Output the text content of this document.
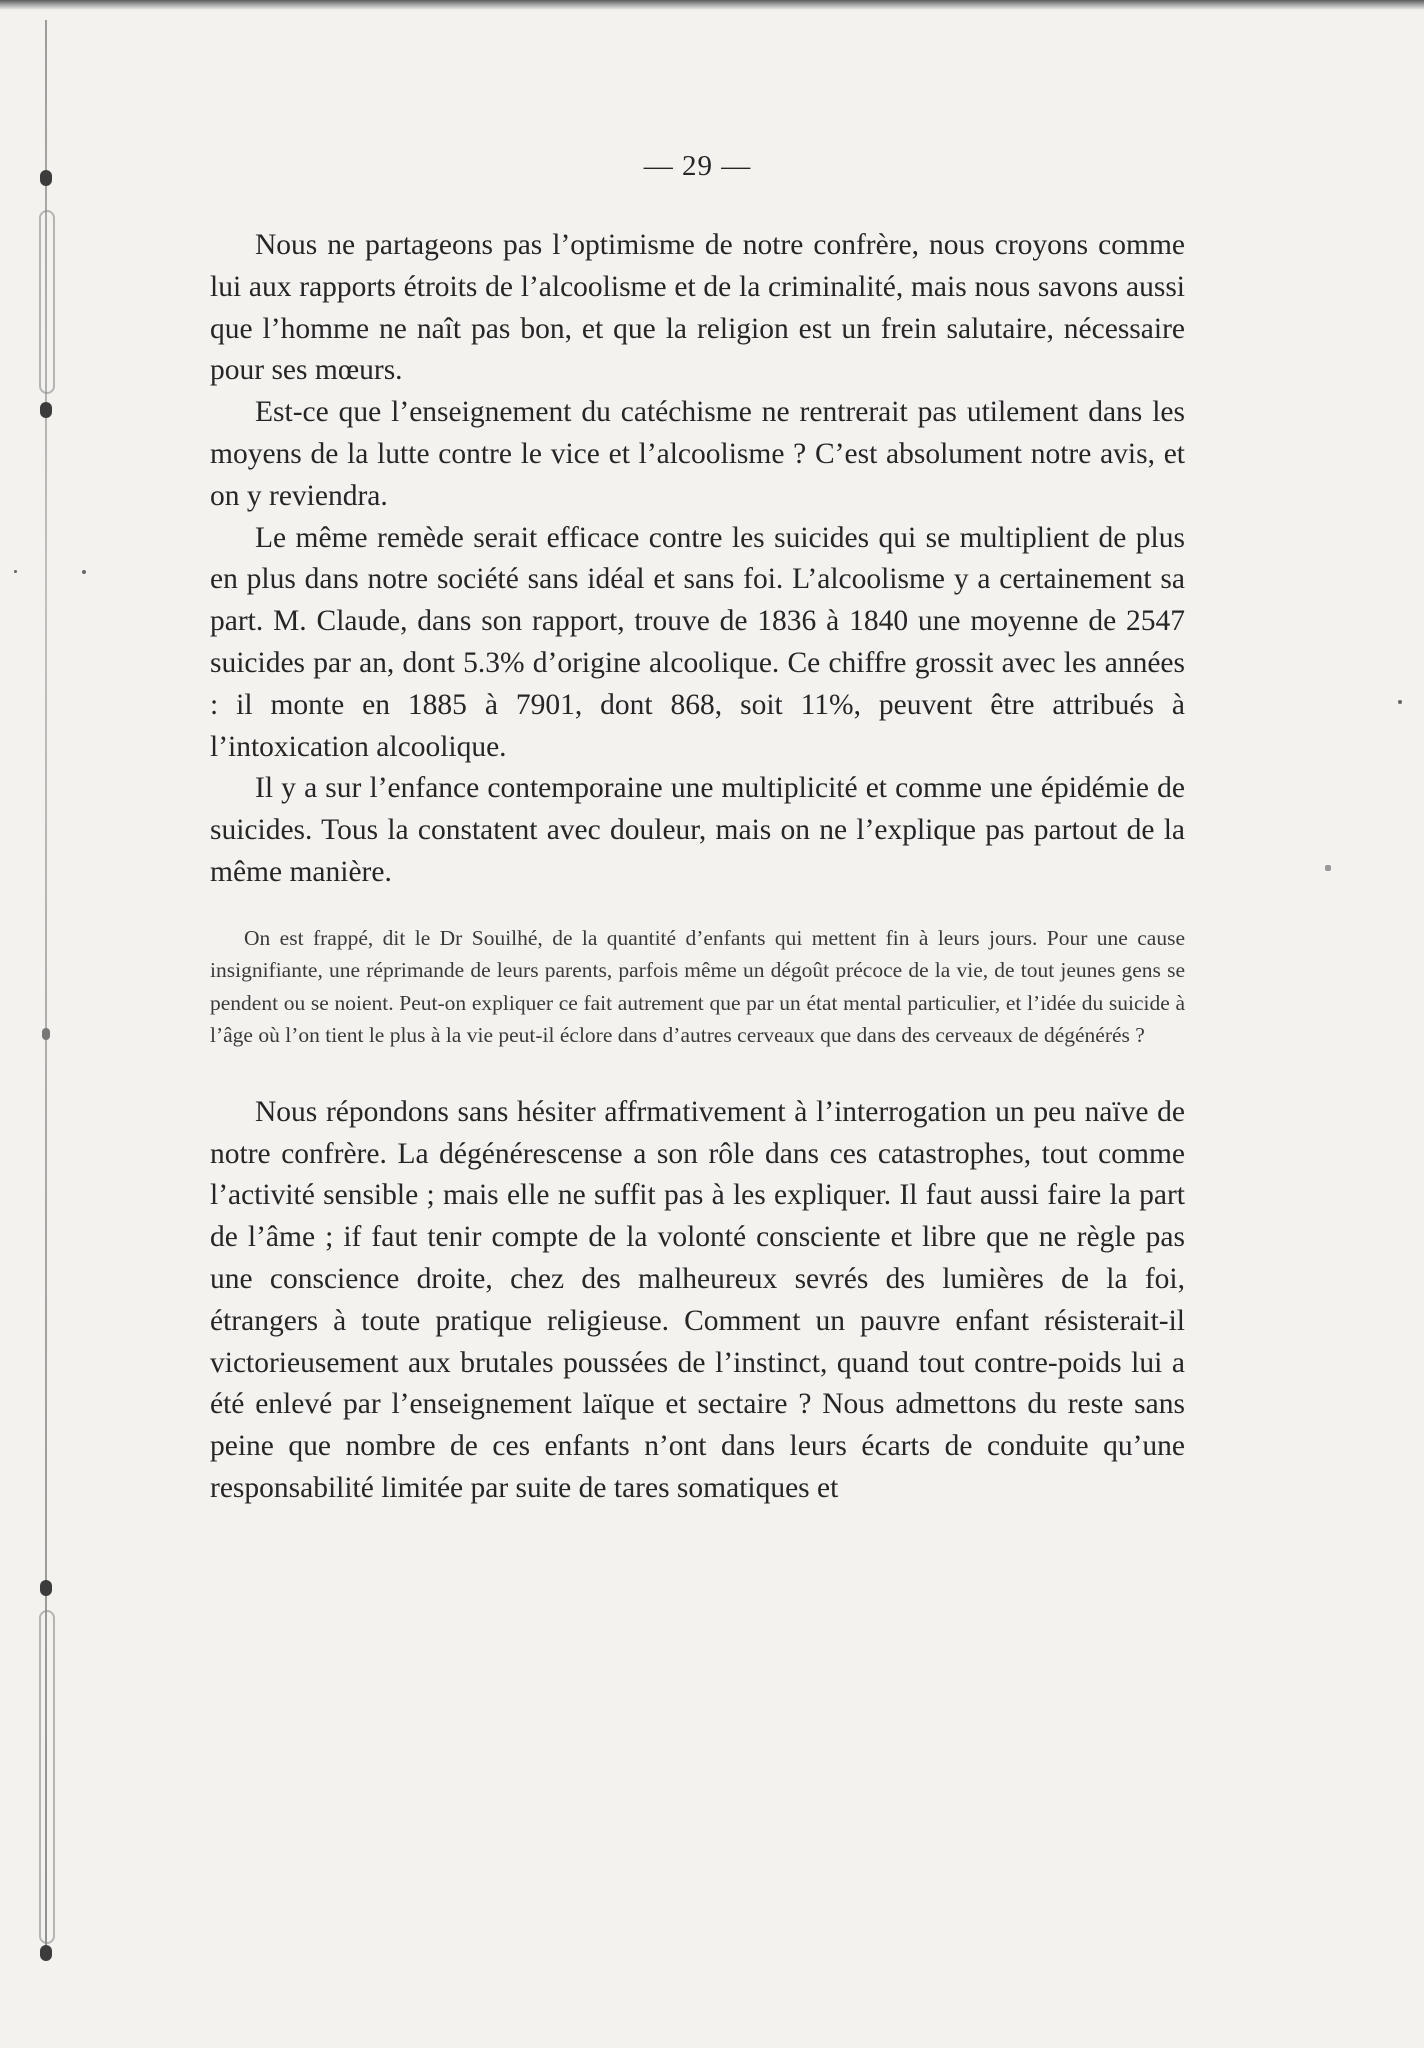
— 29 —

Nous ne partageons pas l’optimisme de notre confrère, nous croyons comme lui aux rapports étroits de l’alcoolisme et de la criminalité, mais nous savons aussi que l’homme ne naît pas bon, et que la religion est un frein salutaire, nécessaire pour ses mœurs.

Est-ce que l’enseignement du catéchisme ne rentrerait pas utilement dans les moyens de la lutte contre le vice et l’alcoolisme ? C’est absolument notre avis, et on y reviendra.

Le même remède serait efficace contre les suicides qui se multiplient de plus en plus dans notre société sans idéal et sans foi. L’alcoolisme y a certainement sa part. M. Claude, dans son rapport, trouve de 1836 à 1840 une moyenne de 2547 suicides par an, dont 5.3% d’origine alcoolique. Ce chiffre grossit avec les années : il monte en 1885 à 7901, dont 868, soit 11%, peuvent être attribués à l’intoxication alcoolique.

Il y a sur l’enfance contemporaine une multiplicité et comme une épidémie de suicides. Tous la constatent avec douleur, mais on ne l’explique pas partout de la même manière.

On est frappé, dit le Dr Souilhé, de la quantité d’enfants qui mettent fin à leurs jours. Pour une cause insignifiante, une réprimande de leurs parents, parfois même un dégoût précoce de la vie, de tout jeunes gens se pendent ou se noient. Peut-on expliquer ce fait autrement que par un état mental particulier, et l’idée du suicide à l’âge où l’on tient le plus à la vie peut-il éclore dans d’autres cerveaux que dans des cerveaux de dégénérés ?

Nous répondons sans hésiter affrmativement à l’interrogation un peu naïve de notre confrère. La dégénérescense a son rôle dans ces catastrophes, tout comme l’activité sensible ; mais elle ne suffit pas à les expliquer. Il faut aussi faire la part de l’âme ; if faut tenir compte de la volonté consciente et libre que ne règle pas une conscience droite, chez des malheureux sevrés des lumières de la foi, étrangers à toute pratique religieuse. Comment un pauvre enfant résisterait-il victorieusement aux brutales poussées de l’instinct, quand tout contre-poids lui a été enlevé par l’enseignement laïque et sectaire ? Nous admettons du reste sans peine que nombre de ces enfants n’ont dans leurs écarts de conduite qu’une responsabilité limitée par suite de tares somatiques et
